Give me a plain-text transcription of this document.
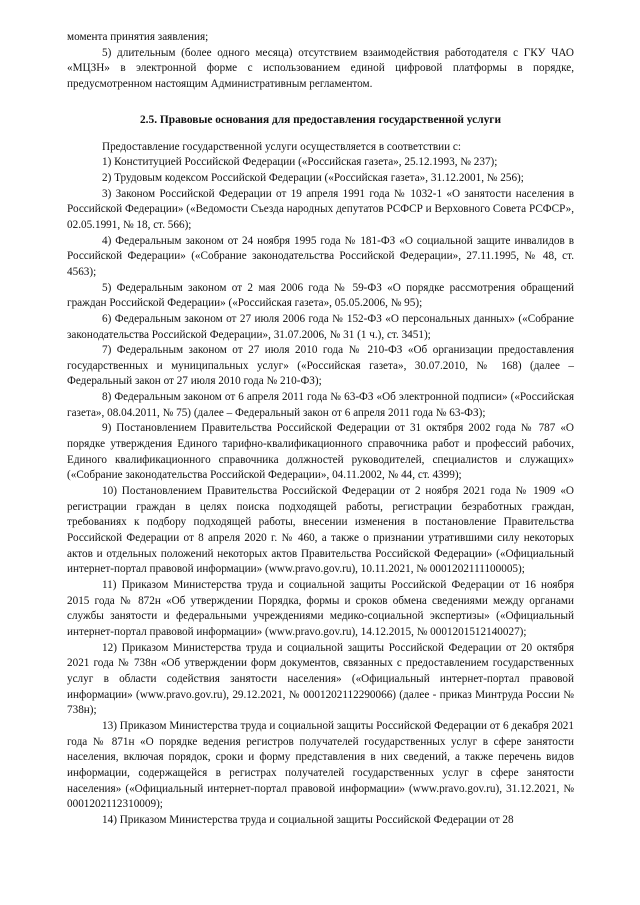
момента принятия заявления;

5) длительным (более одного месяца) отсутствием взаимодействия работодателя с ГКУ ЧАО «МЦЗН» в электронной форме с использованием единой цифровой платформы в порядке, предусмотренном настоящим Административным регламентом.

2.5. Правовые основания для предоставления государственной услуги

Предоставление государственной услуги осуществляется в соответствии с:

1) Конституцией Российской Федерации («Российская газета», 25.12.1993, № 237);

2) Трудовым кодексом Российской Федерации («Российская газета», 31.12.2001, № 256);

3) Законом Российской Федерации от 19 апреля 1991 года № 1032-1 «О занятости населения в Российской Федерации» («Ведомости Съезда народных депутатов РСФСР и Верховного Совета РСФСР», 02.05.1991, № 18, ст. 566);

4) Федеральным законом от 24 ноября 1995 года № 181-ФЗ «О социальной защите инвалидов в Российской Федерации» («Собрание законодательства Российской Федерации», 27.11.1995, № 48, ст. 4563);

5) Федеральным законом от 2 мая 2006 года № 59-ФЗ «О порядке рассмотрения обращений граждан Российской Федерации» («Российская газета», 05.05.2006, № 95);

6) Федеральным законом от 27 июля 2006 года № 152-ФЗ «О персональных данных» («Собрание законодательства Российской Федерации», 31.07.2006, № 31 (1 ч.), ст. 3451);

7) Федеральным законом от 27 июля 2010 года № 210-ФЗ «Об организации предоставления государственных и муниципальных услуг» («Российская газета», 30.07.2010, № 168) (далее – Федеральный закон от 27 июля 2010 года № 210-ФЗ);

8) Федеральным законом от 6 апреля 2011 года № 63-ФЗ «Об электронной подписи» («Российская газета», 08.04.2011, № 75) (далее – Федеральный закон от 6 апреля 2011 года № 63-ФЗ);

9) Постановлением Правительства Российской Федерации от 31 октября 2002 года № 787 «О порядке утверждения Единого тарифно-квалификационного справочника работ и профессий рабочих, Единого квалификационного справочника должностей руководителей, специалистов и служащих» («Собрание законодательства Российской Федерации», 04.11.2002, № 44, ст. 4399);

10) Постановлением Правительства Российской Федерации от 2 ноября 2021 года № 1909 «О регистрации граждан в целях поиска подходящей работы, регистрации безработных граждан, требованиях к подбору подходящей работы, внесении изменения в постановление Правительства Российской Федерации от 8 апреля 2020 г. № 460, а также о признании утратившими силу некоторых актов и отдельных положений некоторых актов Правительства Российской Федерации» («Официальный интернет-портал правовой информации» (www.pravo.gov.ru), 10.11.2021, № 0001202111100005);

11) Приказом Министерства труда и социальной защиты Российской Федерации от 16 ноября 2015 года № 872н «Об утверждении Порядка, формы и сроков обмена сведениями между органами службы занятости и федеральными учреждениями медико-социальной экспертизы» («Официальный интернет-портал правовой информации» (www.pravo.gov.ru), 14.12.2015, № 0001201512140027);

12) Приказом Министерства труда и социальной защиты Российской Федерации от 20 октября 2021 года № 738н «Об утверждении форм документов, связанных с предоставлением государственных услуг в области содействия занятости населения» («Официальный интернет-портал правовой информации» (www.pravo.gov.ru), 29.12.2021, № 0001202112290066) (далее - приказ Минтруда России № 738н);

13) Приказом Министерства труда и социальной защиты Российской Федерации от 6 декабря 2021 года № 871н «О порядке ведения регистров получателей государственных услуг в сфере занятости населения, включая порядок, сроки и форму представления в них сведений, а также перечень видов информации, содержащейся в регистрах получателей государственных услуг в сфере занятости населения» («Официальный интернет-портал правовой информации» (www.pravo.gov.ru), 31.12.2021, № 0001202112310009);

14) Приказом Министерства труда и социальной защиты Российской Федерации от 28
